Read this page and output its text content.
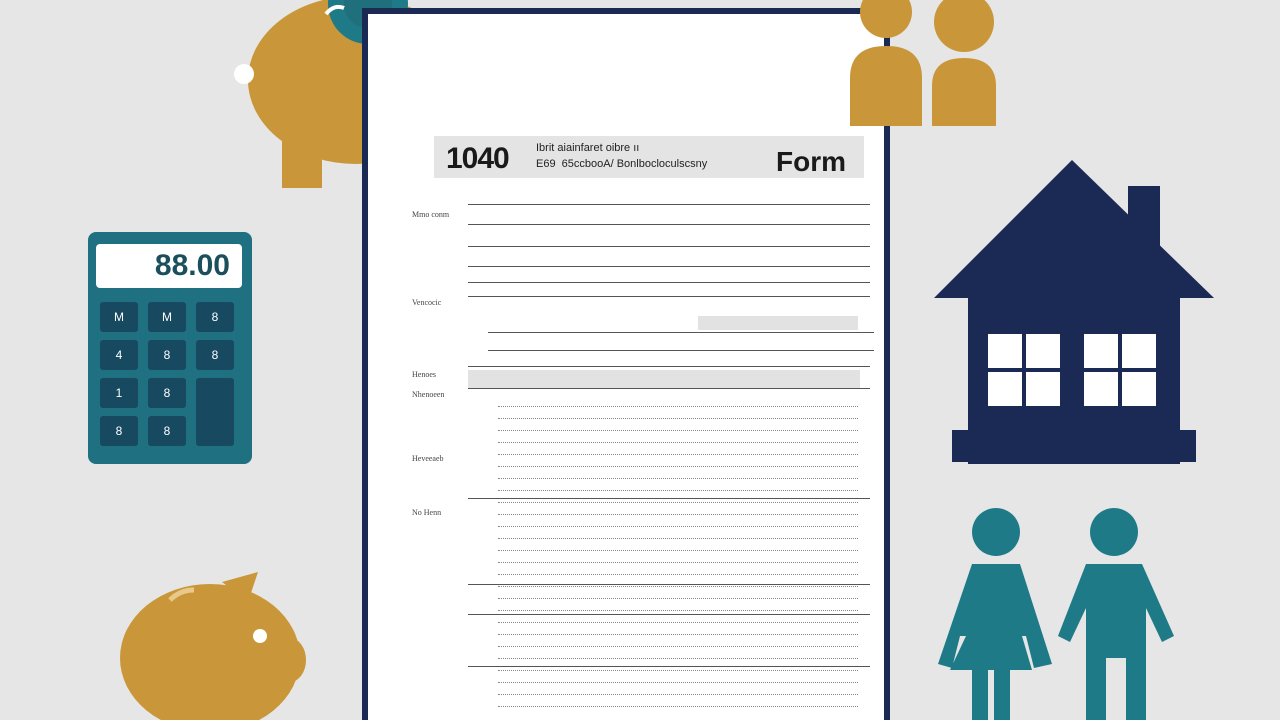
88.00
M	M	8
4	8	8
1	8
8	8
1040 Ibrit aiainfaret oibre ıı
E69  65ccbooA/ Bonlbocloculscsny Form
Mmo conm
Vencocic
Henoes
Nhenoeen
Heveeaeb
No Henn
